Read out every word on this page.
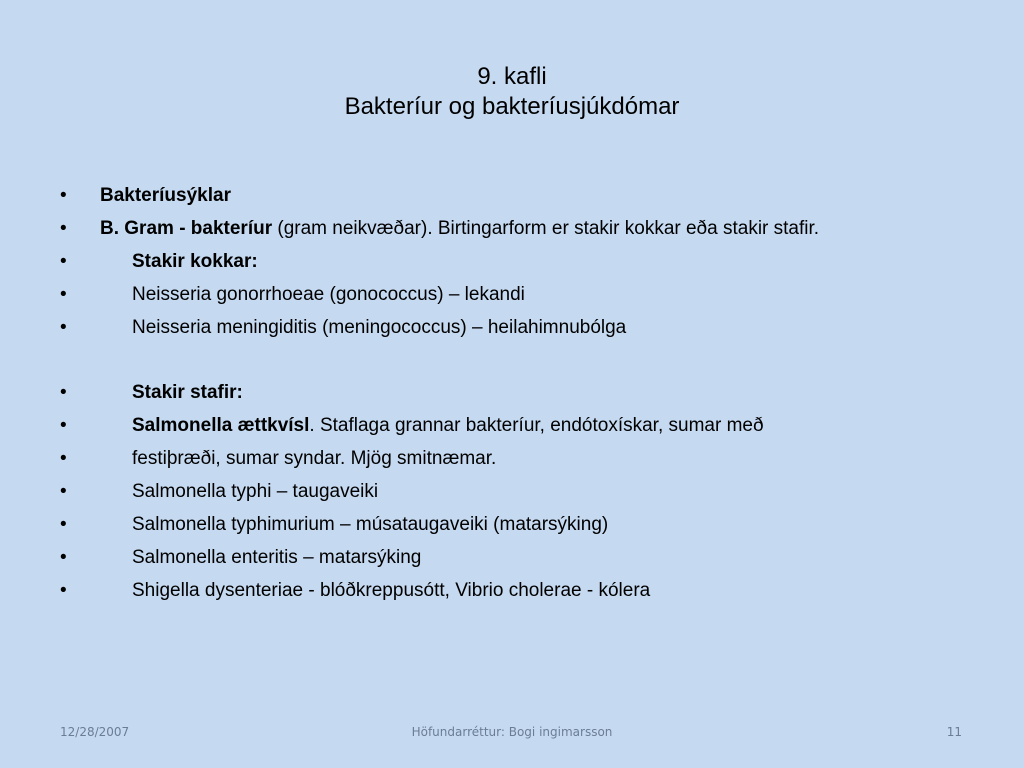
9. kafli
Bakteríur og bakteríusjúkdómar
•	Bakteríusýklar
•	B. Gram - bakteríur (gram neikvæðar). Birtingarform er stakir kokkar eða stakir stafir.
•	Stakir kokkar:
•	Neisseria gonorrhoeae (gonococcus) – lekandi
•	Neisseria meningiditis (meningococcus) – heilahimnubólga
•	Stakir stafir:
•	Salmonella ættkvísl. Staflaga grannar bakteríur, endótoxískar, sumar með
•	festiþræði, sumar syndar. Mjög smitnæmar.
•	Salmonella typhi – taugaveiki
•	Salmonella typhimurium – músataugaveiki (matarsýking)
•	Salmonella enteritis – matarsýking
•	Shigella dysenteriae - blóðkreppusótt, Vibrio cholerae - kólera
12/28/2007	Höfundarréttur: Bogi ingimarsson	11
